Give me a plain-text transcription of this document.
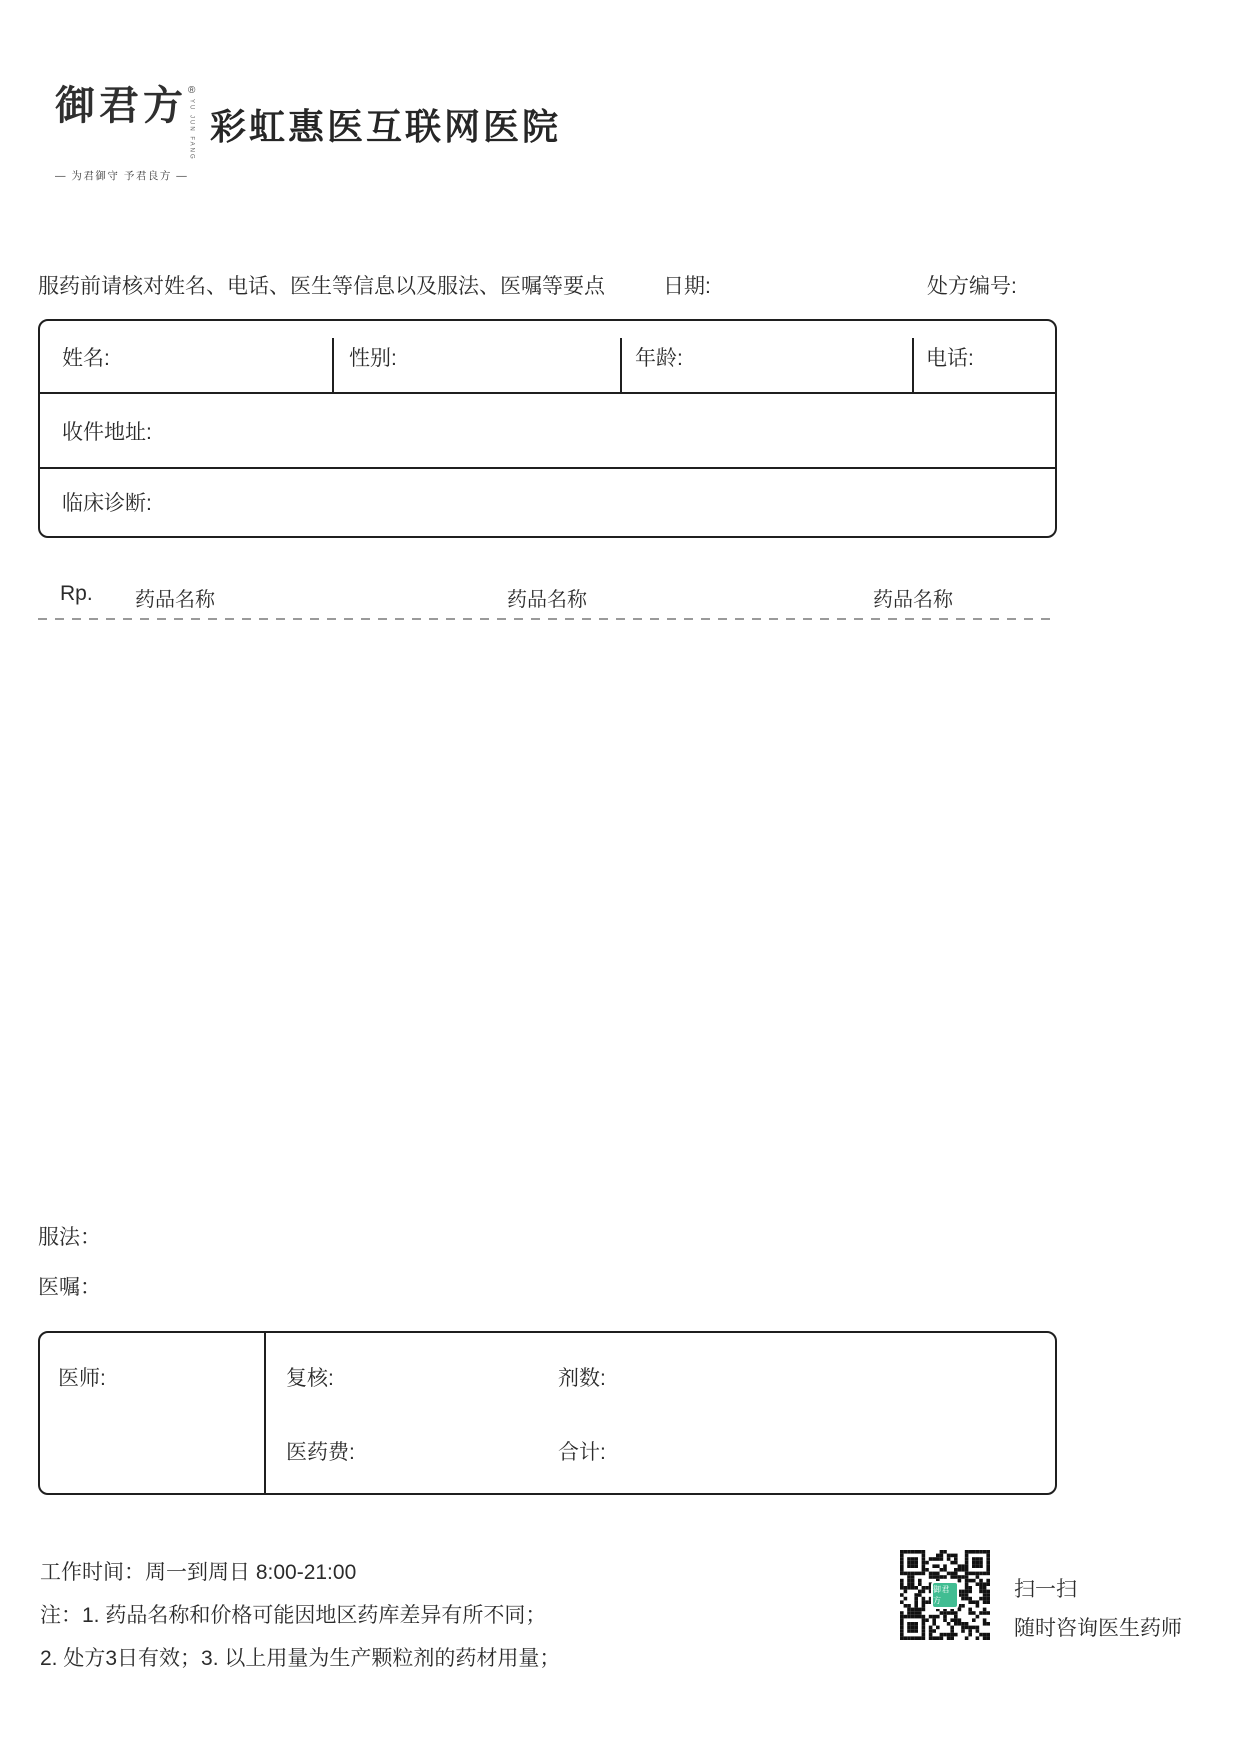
御君方 ®
YU JUN FANG
— 为君御守 予君良方 —
彩虹惠医互联网医院
服药前请核对姓名、电话、医生等信息以及服法、医嘱等要点	日期:	处方编号:
姓名:	性别:	年龄:	电话:
收件地址:
临床诊断:
Rp. 药品名称	药品名称	药品名称
服法：
医嘱：
医师:	复核:	剂数:
医药费:	合计:
工作时间：周一到周日 8:00-21:00
注：1. 药品名称和价格可能因地区药库差异有所不同；
2. 处方3日有效；3. 以上用量为生产颗粒剂的药材用量；
御君方	扫一扫
随时咨询医生药师
